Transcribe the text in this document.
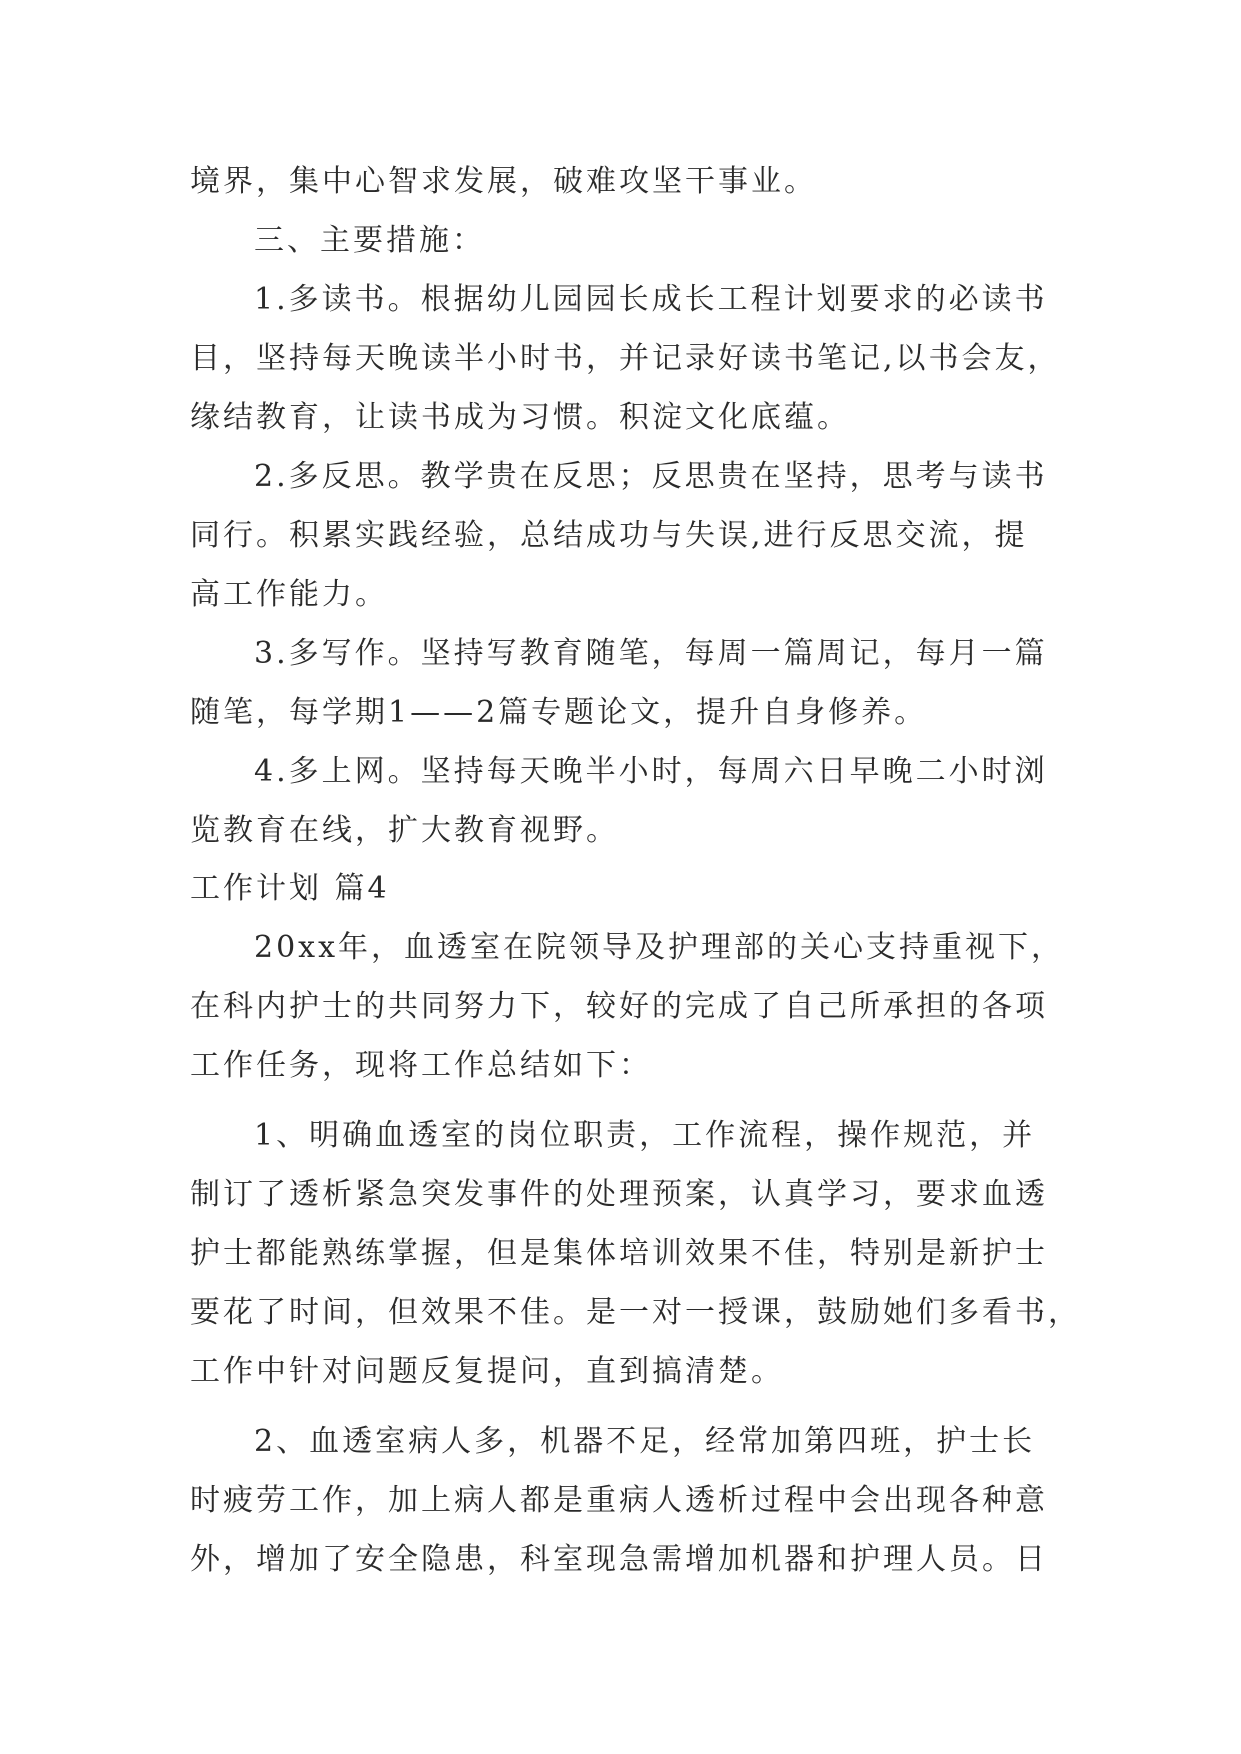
境界，集中心智求发展，破难攻坚干事业。
三、主要措施：
1.多读书。根据幼儿园园长成长工程计划要求的必读书
目，坚持每天晚读半小时书，并记录好读书笔记,以书会友，
缘结教育，让读书成为习惯。积淀文化底蕴。
2.多反思。教学贵在反思；反思贵在坚持，思考与读书
同行。积累实践经验，总结成功与失误,进行反思交流，提
高工作能力。
3.多写作。坚持写教育随笔，每周一篇周记，每月一篇
随笔，每学期1——2篇专题论文，提升自身修养。
4.多上网。坚持每天晚半小时，每周六日早晚二小时浏
览教育在线，扩大教育视野。
工作计划 篇4
20xx年，血透室在院领导及护理部的关心支持重视下，
在科内护士的共同努力下，较好的完成了自己所承担的各项
工作任务，现将工作总结如下：
1、明确血透室的岗位职责，工作流程，操作规范，并
制订了透析紧急突发事件的处理预案，认真学习，要求血透
护士都能熟练掌握，但是集体培训效果不佳，特别是新护士
要花了时间，但效果不佳。是一对一授课，鼓励她们多看书，
工作中针对问题反复提问，直到搞清楚。
2、血透室病人多，机器不足，经常加第四班，护士长
时疲劳工作，加上病人都是重病人透析过程中会出现各种意
外，增加了安全隐患，科室现急需增加机器和护理人员。日
